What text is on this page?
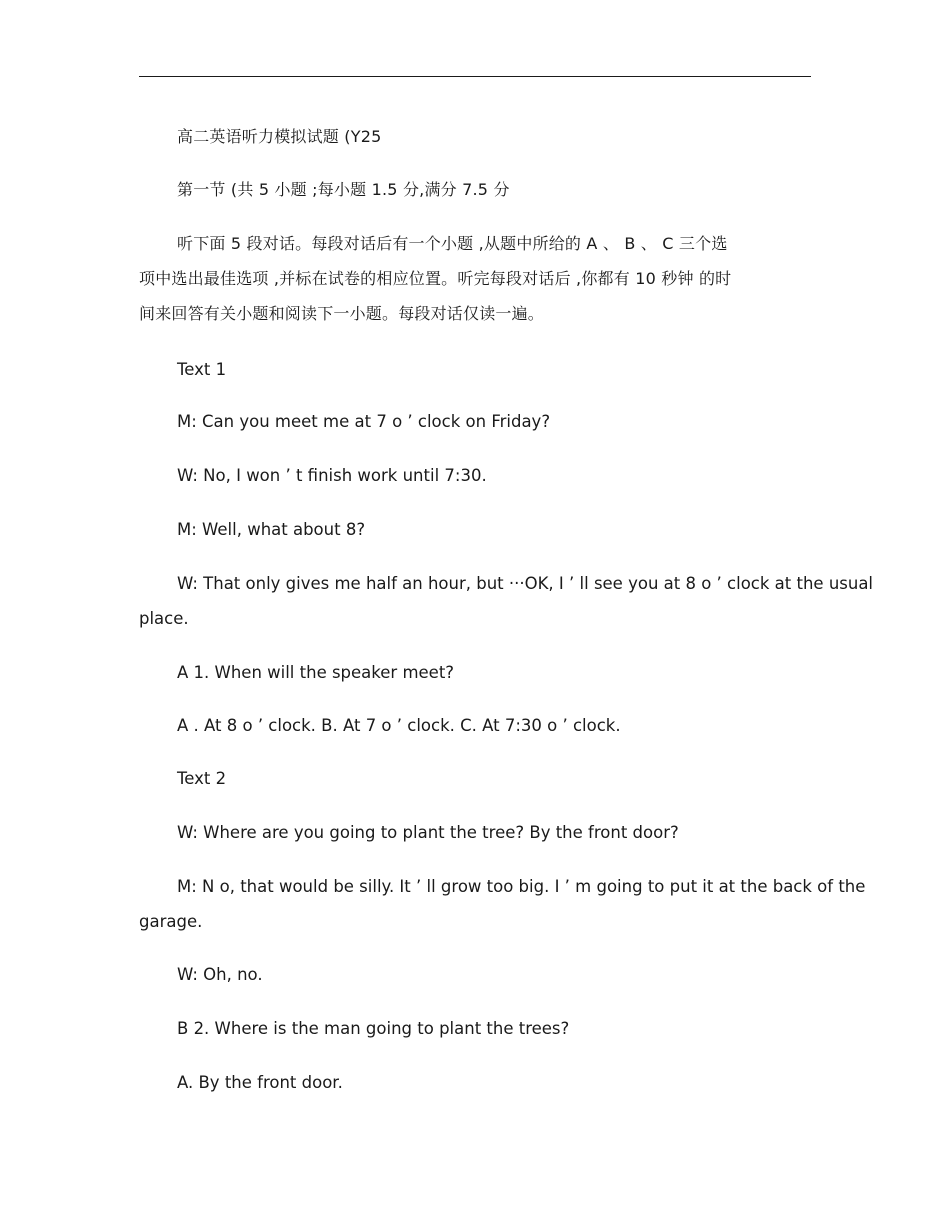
高二英语听力模拟试题 (Y25
第一节 (共 5 小题 ;每小题 1.5 分,满分 7.5 分
听下面 5 段对话。每段对话后有一个小题 ,从题中所给的 A 、 B 、 C 三个选
项中选出最佳选项 ,并标在试卷的相应位置。听完每段对话后 ,你都有 10 秒钟 的时
间来回答有关小题和阅读下一小题。每段对话仅读一遍。
Text 1
M: Can you meet me at 7 o ’ clock on Friday?
W: No, I won ’ t finish work until 7:30.
M: Well, what about 8?
W: That only gives me half an hour, but ···OK, I ’ ll see you at 8 o ’ clock at the usual
place.
A 1. When will the speaker meet?
A . At 8 o ’ clock. B. At 7 o ’ clock. C. At 7:30 o ’ clock.
Text 2
W: Where are you going to plant the tree? By the front door?
M: N o, that would be silly. It ’ ll grow too big. I ’ m going to put it at the back of the
garage.
W: Oh, no.
B 2. Where is the man going to plant the trees?
A. By the front door.
